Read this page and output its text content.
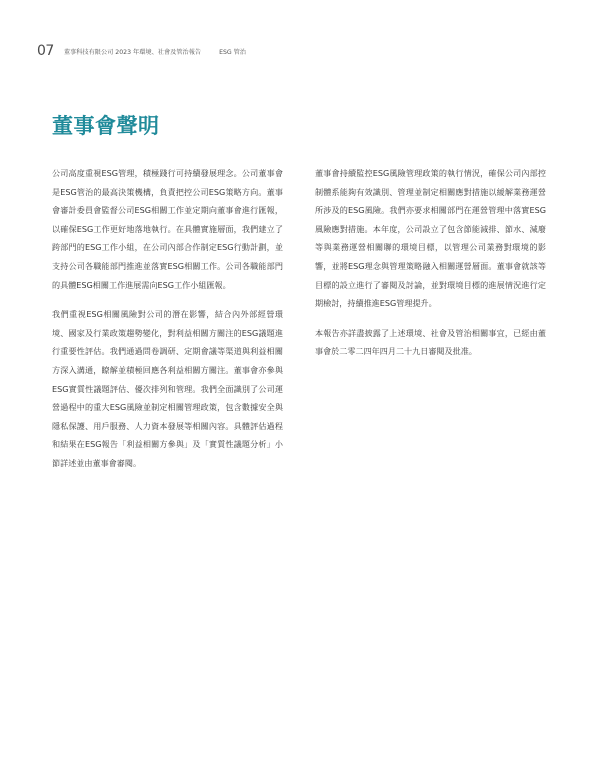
07 董事科技有限公司 2023 年環境、社會及管治報告	ESG 管治
董事會聲明

公司高度重視ESG管理，積極踐行可持續發展理念。公司董事會是ESG管治的最高決策機構，負責把控公司ESG策略方向。董事會審計委員會監督公司ESG相關工作並定期向董事會進行匯報，以確保ESG工作更好地落地執行。在具體實施層面，我們建立了跨部門的ESG工作小組，在公司內部合作制定ESG行動計劃，並支持公司各職能部門推進並落實ESG相關工作。公司各職能部門的具體ESG相關工作進展需向ESG工作小組匯報。

我們重視ESG相關風險對公司的潛在影響，結合內外部經營環境、國家及行業政策趨勢變化，對利益相關方關注的ESG議題進行重要性評估。我們通過問卷調研、定期會議等渠道與利益相關方深入溝通，瞭解並積極回應各利益相關方關注。董事會亦參與ESG實質性議題評估、優次排列和管理。我們全面識別了公司運營過程中的重大ESG風險並制定相關管理政策，包含數據安全與隱私保護、用戶服務、人力資本發展等相關內容。具體評估過程和結果在ESG報告「利益相關方參與」及「實質性議題分析」小節詳述並由董事會審閱。

董事會持續監控ESG風險管理政策的執行情況，確保公司內部控制體系能夠有效識別、管理並制定相關應對措施以緩解業務運營所涉及的ESG風險。我們亦要求相關部門在運營管理中落實ESG風險應對措施。本年度，公司設立了包含節能減排、節水、減廢等與業務運營相關聯的環境目標，以管理公司業務對環境的影響，並將ESG理念與管理策略融入相關運營層面。董事會就該等目標的設立進行了審閱及討論，並對環境目標的進展情況進行定期檢討，持續推進ESG管理提升。

本報告亦詳盡披露了上述環境、社會及管治相關事宜，已經由董事會於二零二四年四月二十九日審閱及批准。
